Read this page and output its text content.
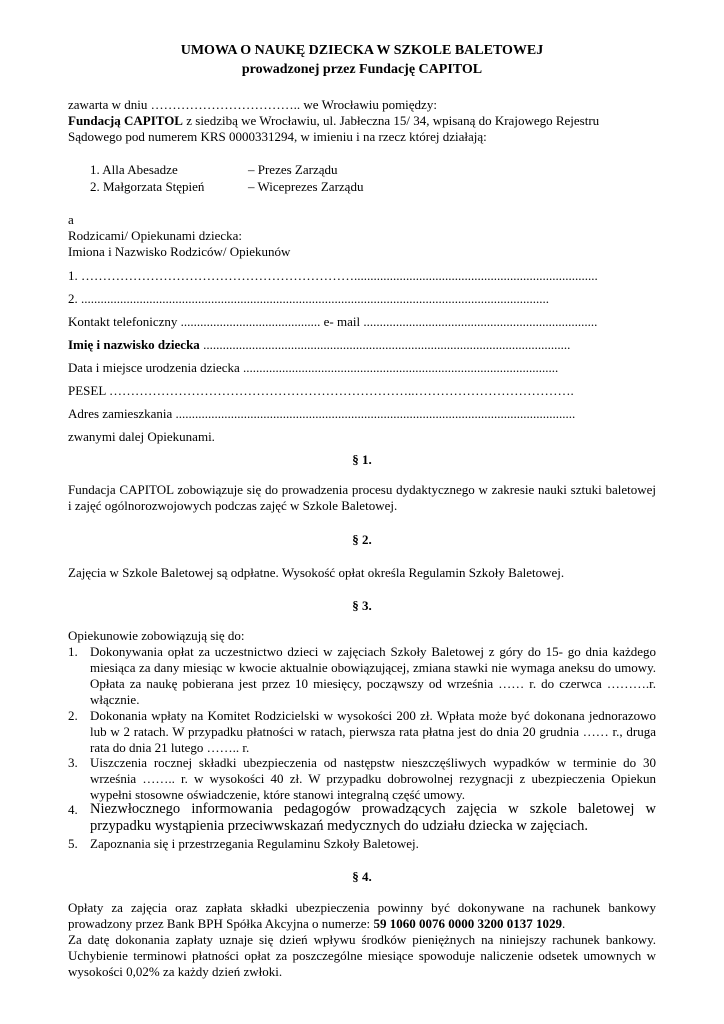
UMOWA O NAUKĘ DZIECKA W SZKOLE BALETOWEJ
prowadzonej przez Fundację CAPITOL
zawarta w dniu …………………………….. we Wrocławiu pomiędzy:
Fundacją CAPITOL z siedzibą we Wrocławiu, ul. Jabłeczna 15/ 34, wpisaną do Krajowego Rejestru
Sądowego pod numerem KRS 0000331294, w imieniu i na rzecz której działają:
1. Alla Abesadze	– Prezes Zarządu
2. Małgorzata Stępień	– Wiceprezes Zarządu
a
Rodzicami/ Opiekunami dziecka:
Imiona i Nazwisko Rodziców/ Opiekunów
1. ………………………………………………………...........................................................................
2. ................................................................................................................................................
Kontakt telefoniczny ........................................... e- mail ........................................................................
Imię i nazwisko dziecka .................................................................................................................
Data i miejsce urodzenia dziecka .................................................................................................
PESEL ……………………………………………………………..……………………………….
Adres zamieszkania ...........................................................................................................................
zwanymi dalej Opiekunami.
§ 1.
Fundacja CAPITOL zobowiązuje się do prowadzenia procesu dydaktycznego w zakresie nauki sztuki baletowej i zajęć ogólnorozwojowych podczas zajęć w Szkole Baletowej.
§ 2.
Zajęcia w Szkole Baletowej są odpłatne. Wysokość opłat określa Regulamin Szkoły Baletowej.
§ 3.
Opiekunowie zobowiązują się do:
1. Dokonywania opłat za uczestnictwo dzieci w zajęciach Szkoły Baletowej z góry do 15- go dnia każdego miesiąca za dany miesiąc w kwocie aktualnie obowiązującej, zmiana stawki nie wymaga aneksu do umowy. Opłata za naukę pobierana jest przez 10 miesięcy, począwszy od września …… r. do czerwca ……….r. włącznie.
2. Dokonania wpłaty na Komitet Rodzicielski w wysokości 200 zł. Wpłata może być dokonana jednorazowo lub w 2 ratach. W przypadku płatności w ratach, pierwsza rata płatna jest do dnia 20 grudnia …… r., druga rata do dnia 21 lutego …….. r.
3. Uiszczenia rocznej składki ubezpieczenia od następstw nieszczęśliwych wypadków w terminie do 30 września …….. r. w wysokości 40 zł. W przypadku dobrowolnej rezygnacji z ubezpieczenia Opiekun wypełni stosowne oświadczenie, które stanowi integralną część umowy.
4. Niezwłocznego informowania pedagogów prowadzących zajęcia w szkole baletowej w przypadku wystąpienia przeciwwskazań medycznych do udziału dziecka w zajęciach.
5. Zapoznania się i przestrzegania Regulaminu Szkoły Baletowej.
§ 4.
Opłaty za zajęcia oraz zapłata składki ubezpieczenia powinny być dokonywane na rachunek bankowy prowadzony przez Bank BPH Spółka Akcyjna o numerze: 59 1060 0076 0000 3200 0137 1029.
Za datę dokonania zapłaty uznaje się dzień wpływu środków pieniężnych na niniejszy rachunek bankowy. Uchybienie terminowi płatności opłat za poszczególne miesiące spowoduje naliczenie odsetek umownych w wysokości 0,02% za każdy dzień zwłoki.
